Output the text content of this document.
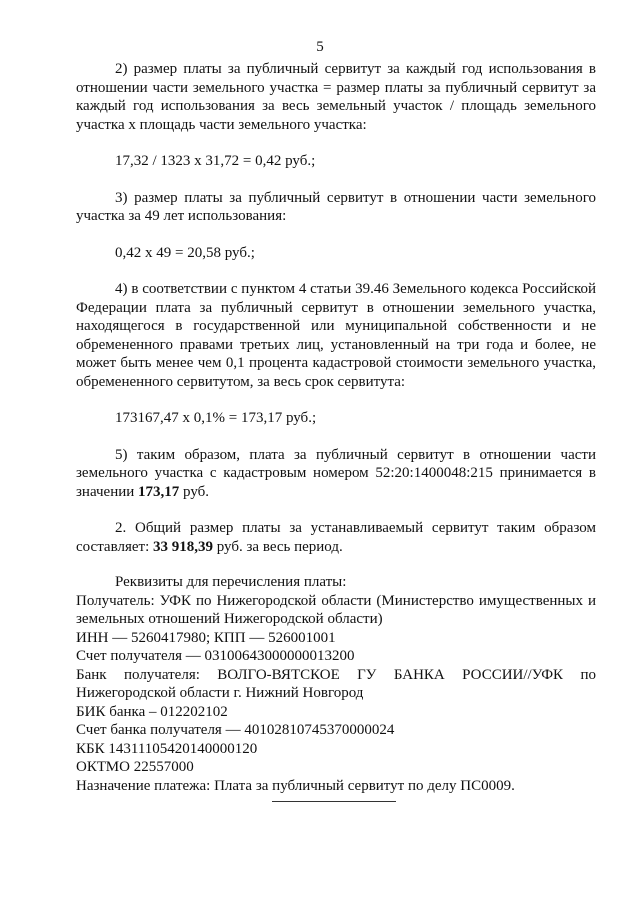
5

2) размер платы за публичный сервитут за каждый год использования в отношении части земельного участка = размер платы за публичный сервитут за каждый год использования за весь земельный участок / площадь земельного участка х площадь части земельного участка:

17,32 / 1323 х 31,72 = 0,42 руб.;

3) размер платы за публичный сервитут в отношении части земельного участка за 49 лет использования:

0,42 х 49 = 20,58 руб.;

4) в соответствии с пунктом 4 статьи 39.46 Земельного кодекса Российской Федерации плата за публичный сервитут в отношении земельного участка, находящегося в государственной или муниципальной собственности и не обремененного правами третьих лиц, установленный на три года и более, не может быть менее чем 0,1 процента кадастровой стоимости земельного участка, обремененного сервитутом, за весь срок сервитута:

173167,47 х 0,1% = 173,17 руб.;

5) таким образом, плата за публичный сервитут в отношении части земельного участка с кадастровым номером 52:20:1400048:215 принимается в значении 173,17 руб.

2. Общий размер платы за устанавливаемый сервитут таким образом составляет: 33 918,39 руб. за весь период.

Реквизиты для перечисления платы:

Получатель: УФК по Нижегородской области (Министерство имущественных и земельных отношений Нижегородской области)

ИНН — 5260417980; КПП — 526001001

Счет получателя — 03100643000000013200

Банк получателя: ВОЛГО-ВЯТСКОЕ ГУ БАНКА РОССИИ//УФК по

Нижегородской области г. Нижний Новгород

БИК банка – 012202102

Счет банка получателя — 40102810745370000024

КБК 14311105420140000120

ОКТМО 22557000

Назначение платежа: Плата за публичный сервитут по делу ПС0009.
